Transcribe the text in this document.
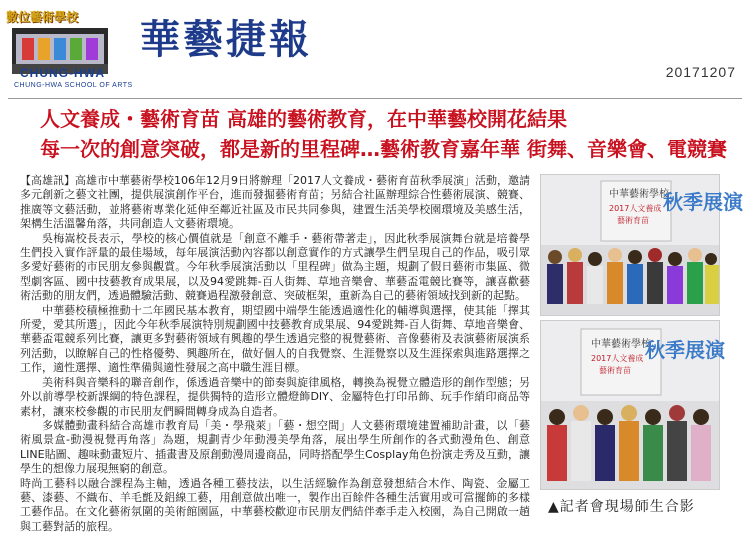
數位藝術學校
CHUNG-HWA
CHUNG-HWA SCHOOL OF ARTS
華藝捷報
20171207
人文養成・藝術育苗 高雄的藝術教育，在中華藝校開花結果
每一次的創意突破，都是新的里程碑…藝術教育嘉年華 街舞、音樂會、電競賽

【高雄訊】高雄市中華藝術學校106年12月9日將辦理「2017人文養成・藝術育苗秋季展演」活動，邀請多元創新之藝文社團，提供展演創作平台，進而發掘藝術育苗；另結合社區辦理綜合性藝術展演、競賽、推廣等文藝活動，並將藝術專業化延伸至鄰近社區及市民共同參與，建置生活美學校園環境及美感生活，架構生活溫馨角落，共同創造人文藝術環境。

吳梅嵩校長表示，學校的核心價值就是「創意不離手・藝術帶著走」，因此秋季展演舞台就是培養學生們投入實作評量的最佳場域，每年展演活動內容都以創意實作的方式讓學生們呈現自己的作品，吸引眾多愛好藝術的市民朋友參與觀賞。今年秋季展演活動以「里程碑」做為主題，規劃了假日藝術市集區、微型劇客區、國中技藝教育成果展，以及94愛跳舞-百人街舞、草地音樂會、華藝盃電競比賽等，讓喜歡藝術活動的朋友們，透過體驗活動、競賽過程激發創意、突破框架，重新為自己的藝術領域找到新的起點。

中華藝校積極推動十二年國民基本教育，期望國中端學生能透過適性化的輔導與選擇，使其能「擇其所愛，愛其所選」，因此今年秋季展演特別規劃國中技藝教育成果展、94愛跳舞-百人街舞、草地音樂會、華藝盃電競系列比賽，讓更多對藝術領域有興趣的學生透過完整的視覺藝術、音像藝術及表演藝術展演系列活動，以瞭解自己的性格優勢、興趣所在，做好個人的自我覺察、生涯覺察以及生涯探索與進路選擇之工作，適性選擇、適性準備與適性發展之高中職生涯目標。

美術科與音樂科的聯音創作，係透過音樂中的節奏與旋律風格，轉換為視覺立體造形的創作型態；另外以前導學校新課綱的特色課程，提供獨特的造形立體燈飾DIY、金屬特色打印吊飾、玩手作綃印商品等素材，讓來校參觀的市民朋友們瞬間轉身成為自造者。

多媒體動畫科結合高雄市教育局「美・學飛萊」「藝・想空間」人文藝術環境建置補助計畫，以「藝術風景盒-動漫視覺再角落」為題，規劃青少年動漫美學角落，展出學生所創作的各式動漫角色、創意LINE貼圖、趣味動畫短片、插畫書及原創動漫周邊商品，同時搭配學生Cosplay角色扮演走秀及互動，讓學生的想像力展現無窮的創意。

時尚工藝科以融合課程為主軸，透過各種工藝技法，以生活經驗作為創意發想結合木作、陶瓷、金屬工藝、漆藝、不織布、羊毛氈及鋁線工藝，用創意做出唯一，製作出百餘件各種生活實用或可當擺飾的多樣工藝作品。在文化藝術氛圍的美術館園區，中華藝校歡迎市民朋友們結伴牽手走入校園，為自己開啟一趟與工藝對話的旅程。

中華藝術學校
2017人文養成
藝術育苗
秋季展演
中華藝術學校
2017人文養成
藝術育苗
秋季展演
▲記者會現場師生合影
